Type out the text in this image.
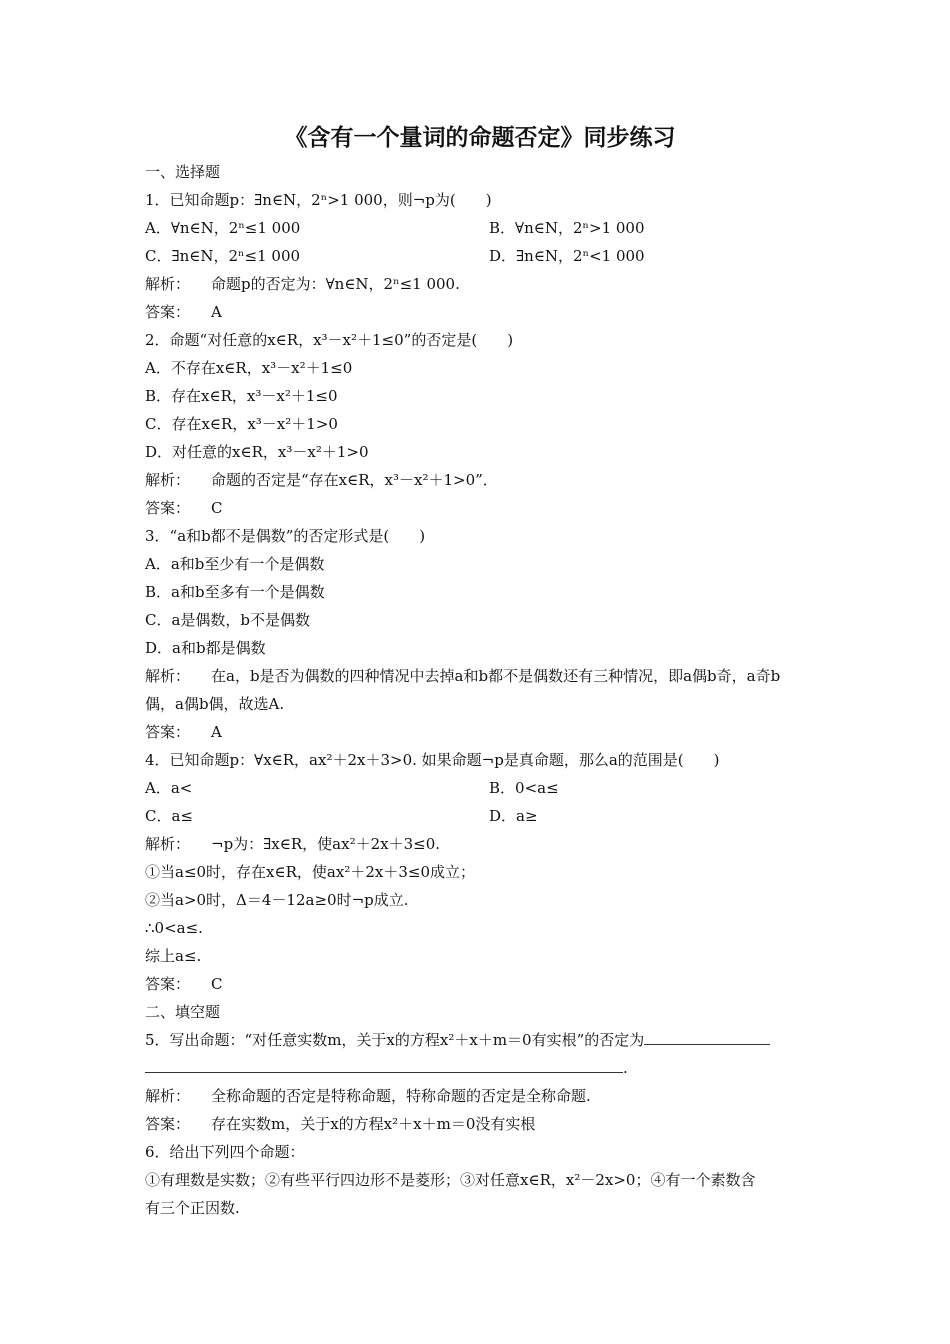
《含有一个量词的命题否定》同步练习
一、选择题
1．已知命题p：∃n∈N，2ⁿ>1 000，则¬p为(　　)
A．∀n∈N，2ⁿ≤1 000	B．∀n∈N，2ⁿ>1 000
C．∃n∈N，2ⁿ≤1 000	D．∃n∈N，2ⁿ<1 000
解析： 命题p的否定为：∀n∈N，2ⁿ≤1 000.
答案： A
2．命题“对任意的x∈R，x³－x²＋1≤0”的否定是(　　)
A．不存在x∈R，x³－x²＋1≤0
B．存在x∈R，x³－x²＋1≤0
C．存在x∈R，x³－x²＋1>0
D．对任意的x∈R，x³－x²＋1>0
解析： 命题的否定是“存在x∈R，x³－x²＋1>0”．
答案： C
3．“a和b都不是偶数”的否定形式是(　　)
A．a和b至少有一个是偶数
B．a和b至多有一个是偶数
C．a是偶数，b不是偶数
D．a和b都是偶数
解析： 在a，b是否为偶数的四种情况中去掉a和b都不是偶数还有三种情况，即a偶b奇，a奇b
偶，a偶b偶，故选A.
答案： A
4．已知命题p：∀x∈R，ax²＋2x＋3>0. 如果命题¬p是真命题，那么a的范围是(　　)
A．a<	B．0<a≤
C．a≤	D．a≥
解析： ¬p为：∃x∈R，使ax²＋2x＋3≤0.
①当a≤0时，存在x∈R，使ax²＋2x＋3≤0成立；
②当a>0时，Δ＝4－12a≥0时¬p成立.
∴0<a≤.
综上a≤.
答案： C
二、填空题
5．写出命题：“对任意实数m，关于x的方程x²＋x＋m＝0有实根”的否定为
.
解析： 全称命题的否定是特称命题，特称命题的否定是全称命题.
答案： 存在实数m，关于x的方程x²＋x＋m＝0没有实根
6．给出下列四个命题：
①有理数是实数；②有些平行四边形不是菱形；③对任意x∈R，x²－2x>0；④有一个素数含
有三个正因数.
